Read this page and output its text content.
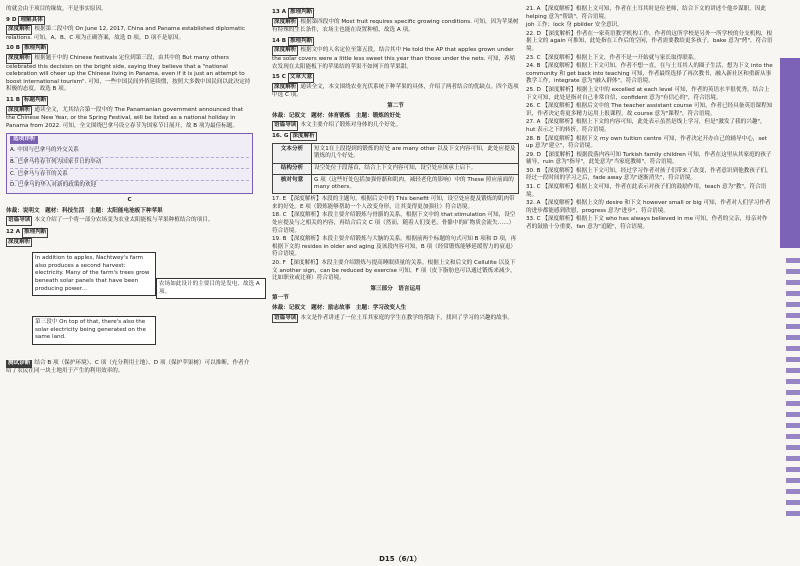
的就会由于项目的缘故，不是事实原因。

9 D 理解具体

深度解析 根据第二段中的 On June 12, 2017, China and Panama established diplomatic relations. 可知，A、B、C 项为正确答案，故选 D 项。D 项不是原因。

10 B 推理判断

深度解析 根据题干中的 Chinese festivals 定位到第三段，由其中的 But many others celebrated this decision on the bright side, saying they believe that a "national celebration will cheer up the Chinese living in Panama, even if it is just an attempt to boost international tourism". 可知，一些中国民间外侨延续惯，按照大多数中国民间以此决定持积极的态度。故选 B 项。

11 B 标题判断

深度解析 通读全文，尤其结合第一段中的 The Panamanian government announced that the Chinese New Year, or the Spring Festival, will be listed as a national holiday in Panama from 2022. 可知，全文围绕巴拿马设立春节为国家节日展开，故 B 项为最佳标题。

选项详析
A. 中国与巴拿马的外交关系
B. 巴拿马将春节列为国家节日的举动
C. 巴拿马与春节的关系
D. 巴拿马的华人对新的政策的欢迎
C

体裁：说明文　题材：科技生活　主题：太阳能电池板下种苹果

语篇导读 本文介绍了一个将一部分农场变为农业太阳能板与苹果种植结合的项目。

12 A 推理判断

深度解析

In addition to apples, Nachtwey's farm also produces a second harvest: electricity. Many of the farm's trees grow beneath solar panels that have been producing power...
农场如此设计的主要目的是发电，故选 A 项。
第三段中 On top of that, there's also the solar electricity being generated on the same land.

测试诊断 结合 B 项（保护环境）、C 项（充分利用土地）、D 项（保护苹果树）可以推断，作者介绍了农民在同一块土地用于产生的利用效率的。

13 A 推理判断

深度解析 根据第四段中的 Most fruit requires specific growing conditions. 可知，因为苹果树有特殊的生长条件，农场主也能在设置种植，故选 A 项。

14 B 推理判断

深度解析 根据文中的人名定位至第五段，结合其中 He told the AP that apples grown under the solar covers were a little less sweet this year than those under the nets. 可知，养殖农发现在太阳能板下的苹果结的苹果不如网下的苹果甜。

15 C 文章大意

深度解析 通读全文，本文围绕农业光伏系统下种苹果的具体，介绍了两者结合的优缺点。四个选项中选 C 项。

第二节

体裁：记叙文　题材：体育锻炼　主题：锻炼的好处

语篇导读 本文主要介绍了锻炼对身体的几个好处。

16. G 深度解析

文本分析	短文1在上段提到的锻炼的好处 are many other 以及下文内容可知，此处应提及锻炼的几个好处。
结构分析	设空处位于段落首，结合上下文内容可知，设空处应该承上启下。
核对句意	G 项（这些好处包括加强骨骼和肌肉，减轻老化的影响）中的 These 照应前面的 many others。

17. E 【深度解析】本段的主题句，根据后文中的 This benefit 可知，设空处应提及锻炼的肌肉带来的好处。E 项（锻炼能够帮助一个人改变身形，让其变得更加强壮）符合语境。

18. C 【深度解析】本段主要介绍锻炼与骨骼的关系。根据下文中的 that stimulation 可知，设空处应提及与之相关的内容，再结合后文 C 项（然而，随着人们变老，骨骼中的矿物质会流失……）符合语境。

19. B 【深度解析】本段主要介绍锻炼与大脑的关系。根据前两个标题的句式可知 B 项和 D 项，再根据下文的 resides in older and aging 及该段内容可知，B 项（经常锻炼能够延缓智力的衰退）符合语境。

20. F 【深度解析】本段主要介绍锻炼与提高睡眠质量的关系。根据上文和后文的 Cellulite 以及下文 another sign，can be reduced by exercise 可知，F 项（皮下脂肪也可以通过锻炼来减少，比如职业或比赛）符合语境。

第三部分　语言运用

第一节

体裁：记叙文　题材：励志故事　主题：学习改变人生

语篇导读 本文是作者讲述了一位土耳其家庭的学生在教学的帮助下，找回了学习的兴趣的故事。

21. A 【深度解析】根据上文可知，作者在土耳其时是位老师，结合下文的讲述个他乡谋职，因此 helping 意为"帮助"，符合语境。

joh 工作；lock 身 pbilder 安全意识。

22. D 【深度解析】作者在一家英语教学机构工作，作者的这所学校是另外一所学校的分支机构，根据上文的 again 可推知，此处指在工作后的空闲，作者需要教给更多孩子。bake 意为"烤"，符合语境。

23. C 【深度解析】根据上下文，作者不是一开始就与家长取得联系。

24. B 【深度解析】根据上下文可知，作者不想一直，在与土耳其人的圈子生活，想为下文 into the community 和 get back into teaching 可知，作者最终选择了再次教书，融入新社区和重新从事教学工作，integrate 意为"融入群体"，符合语境。

25. D 【深度解析】根据上文中的 excelled at each level 可知，作者的英语水平很优秀，结合上下文可知，此处是指对自己非常自信，confident 意为"有信心的"，符合语境。

26. C 【深度解析】根据后文中的 The teacher assistant course 可知，作者已经具备英语课程知识，作者决定将更多精力运用上报课程，故 course 意为"课程"，符合语境。

27. A 【深度解析】根据上下文的内容可知，此处表示虽然是线上学习，但是"激发了我的兴趣"，hut 表示之下的转折，符合语境。

28. B 【深度解析】根据下文 my own tuition centre 可知，作者决定开办自己的辅导中心，set up 意为"建立"，符合语境。

29. D 【深度解析】根据段落内容可知 Turkish family children 可知，作者在这里从其家庭的孩子辅导，ruin 意为"指导"，此处意为"当家庭教师"，符合语境。

30. B 【深度解析】根据上下文可知，经过学习作者对孩子们带来了改变，作者意识到他教孩子们，经过一段时间的学习之后，fade away 意为"逐渐消失"，符合语境。

31. C 【深度解析】根据上文可知，作者在此表示对孩子们的鼓励作用，teach 意为"教"，符合语境。

32. A 【深度解析】根据上文的 desire 和下文 however small or big 可知，作者对人们学习作者的进步都能感到欣慰，progress 意为"进步"，符合语境。

33. C 【深度解析】根据上下文 who has always believed in me 可知，作者的父亲，母亲对作者的鼓励十分重要，fan 意为"追随"，符合语境。

D15（6/1）
